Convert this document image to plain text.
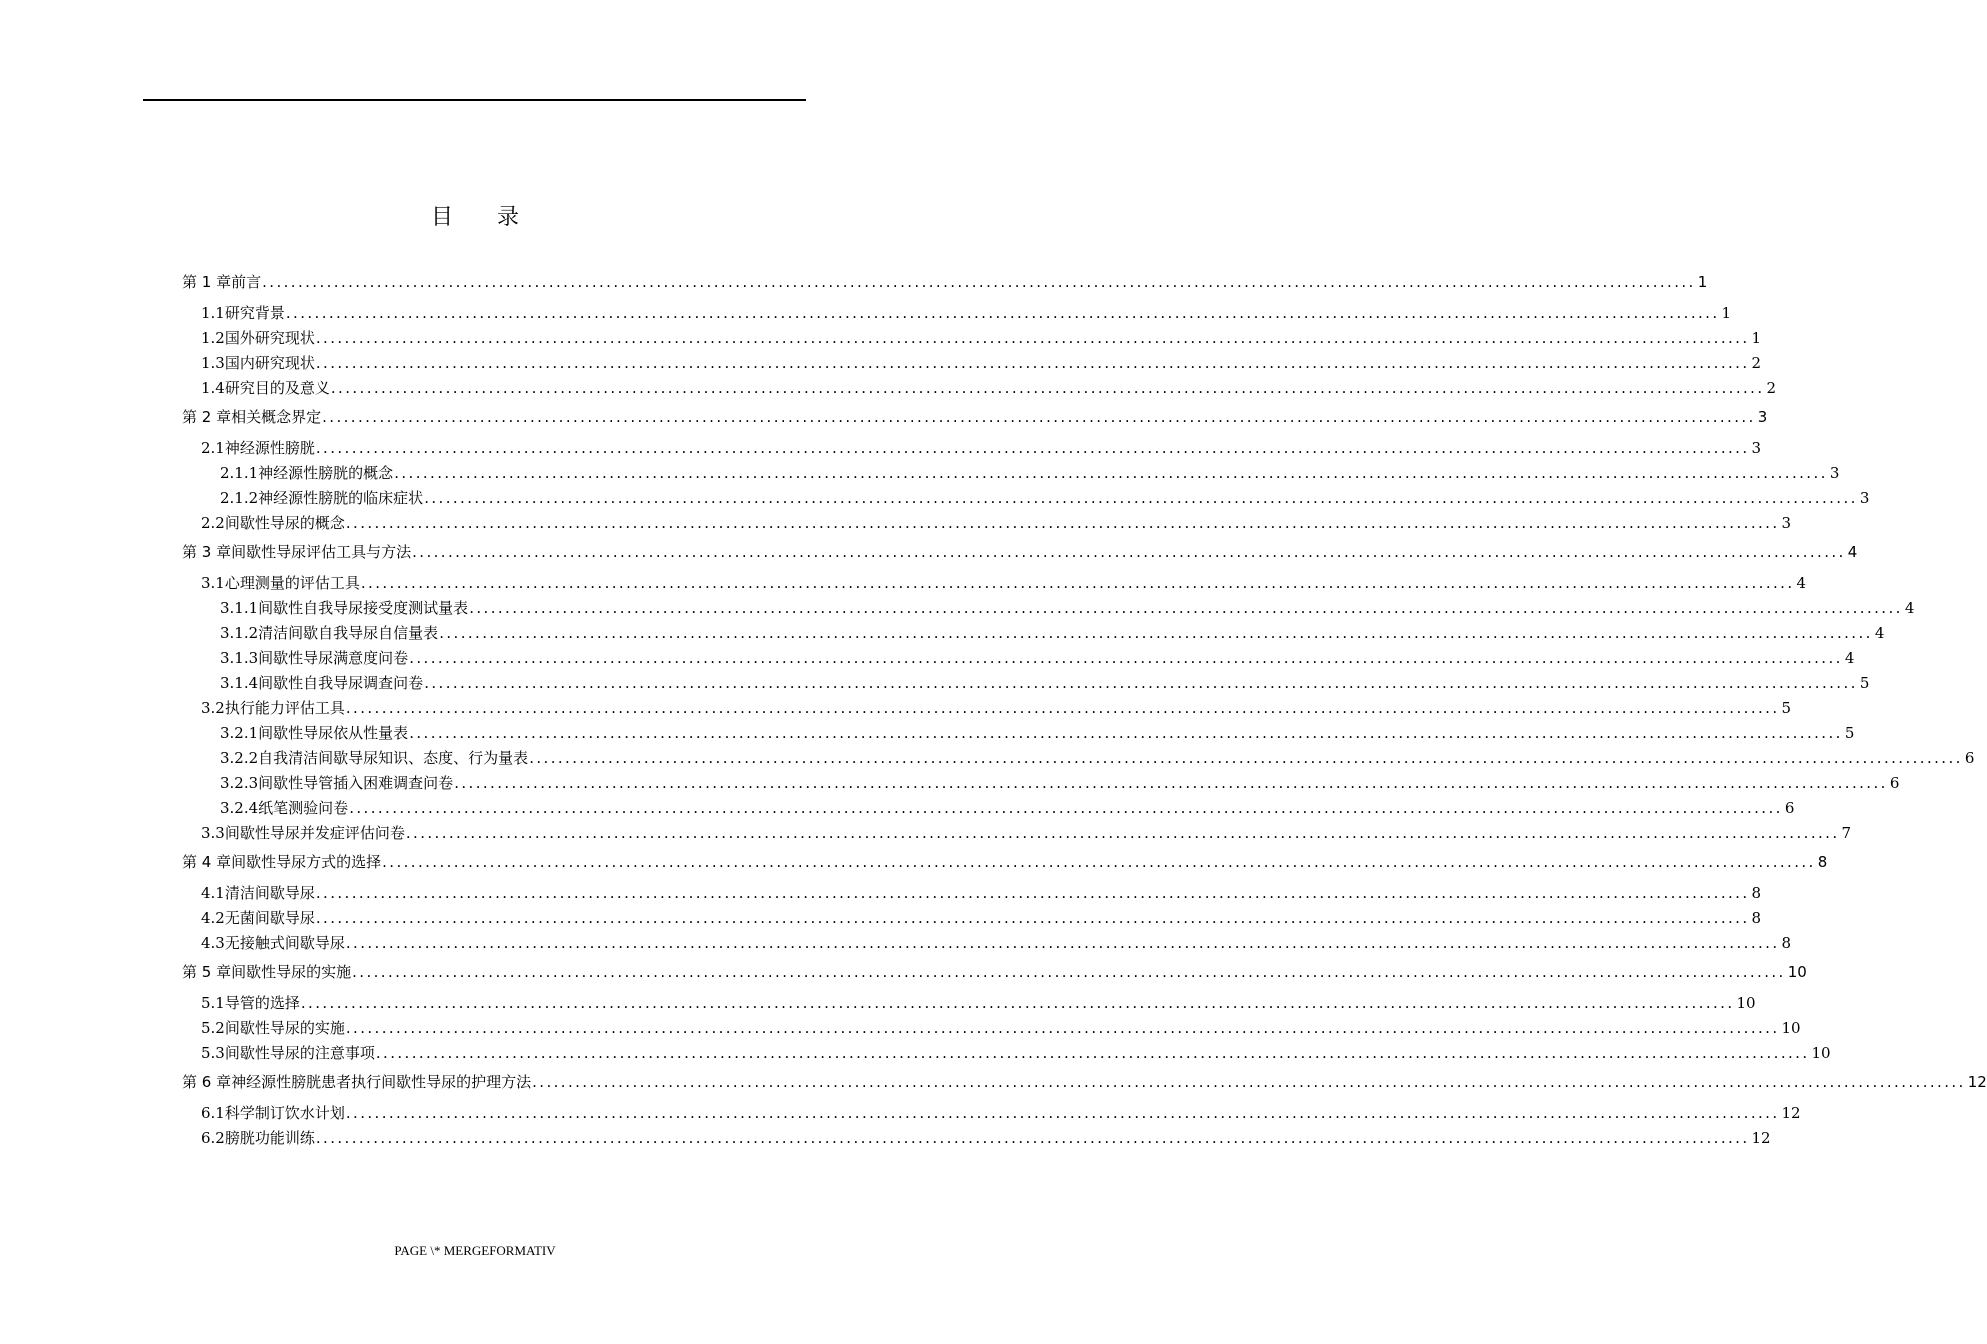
目 录
第 1 章 前言 ........................................................................................................................................................................................................ 1
1.1 研究背景 ........................................................................................................................................................................................................ 1
1.2 国外研究现状 ........................................................................................................................................................................................................ 1
1.3 国内研究现状 ........................................................................................................................................................................................................ 2
1.4 研究目的及意义 ........................................................................................................................................................................................................ 2
第 2 章 相关概念界定 ........................................................................................................................................................................................................ 3
2.1 神经源性膀胱 ........................................................................................................................................................................................................ 3
2.1.1 神经源性膀胱的概念 ........................................................................................................................................................................................................ 3
2.1.2 神经源性膀胱的临床症状 ........................................................................................................................................................................................................ 3
2.2 间歇性导尿的概念 ........................................................................................................................................................................................................ 3
第 3 章 间歇性导尿评估工具与方法 ........................................................................................................................................................................................................ 4
3.1 心理测量的评估工具 ........................................................................................................................................................................................................ 4
3.1.1 间歇性自我导尿接受度测试量表 ........................................................................................................................................................................................................ 4
3.1.2 清洁间歇自我导尿自信量表 ........................................................................................................................................................................................................ 4
3.1.3 间歇性导尿满意度问卷 ........................................................................................................................................................................................................ 4
3.1.4 间歇性自我导尿调查问卷 ........................................................................................................................................................................................................ 5
3.2 执行能力评估工具 ........................................................................................................................................................................................................ 5
3.2.1 间歇性导尿依从性量表 ........................................................................................................................................................................................................ 5
3.2.2 自我清洁间歇导尿知识、态度、行为量表 ........................................................................................................................................................................................................ 6
3.2.3 间歇性导管插入困难调查问卷 ........................................................................................................................................................................................................ 6
3.2.4 纸笔测验问卷 ........................................................................................................................................................................................................ 6
3.3 间歇性导尿并发症评估问卷 ........................................................................................................................................................................................................ 7
第 4 章 间歇性导尿方式的选择 ........................................................................................................................................................................................................ 8
4.1 清洁间歇导尿 ........................................................................................................................................................................................................ 8
4.2 无菌间歇导尿 ........................................................................................................................................................................................................ 8
4.3 无接触式间歇导尿 ........................................................................................................................................................................................................ 8
第 5 章 间歇性导尿的实施 ........................................................................................................................................................................................................ 10
5.1 导管的选择 ........................................................................................................................................................................................................ 10
5.2 间歇性导尿的实施 ........................................................................................................................................................................................................ 10
5.3 间歇性导尿的注意事项 ........................................................................................................................................................................................................ 10
第 6 章 神经源性膀胱患者执行间歇性导尿的护理方法 ........................................................................................................................................................................................................ 12
6.1 科学制订饮水计划 ........................................................................................................................................................................................................ 12
6.2 膀胱功能训练 ........................................................................................................................................................................................................ 12
PAGE \* MERGEFORMATIV
